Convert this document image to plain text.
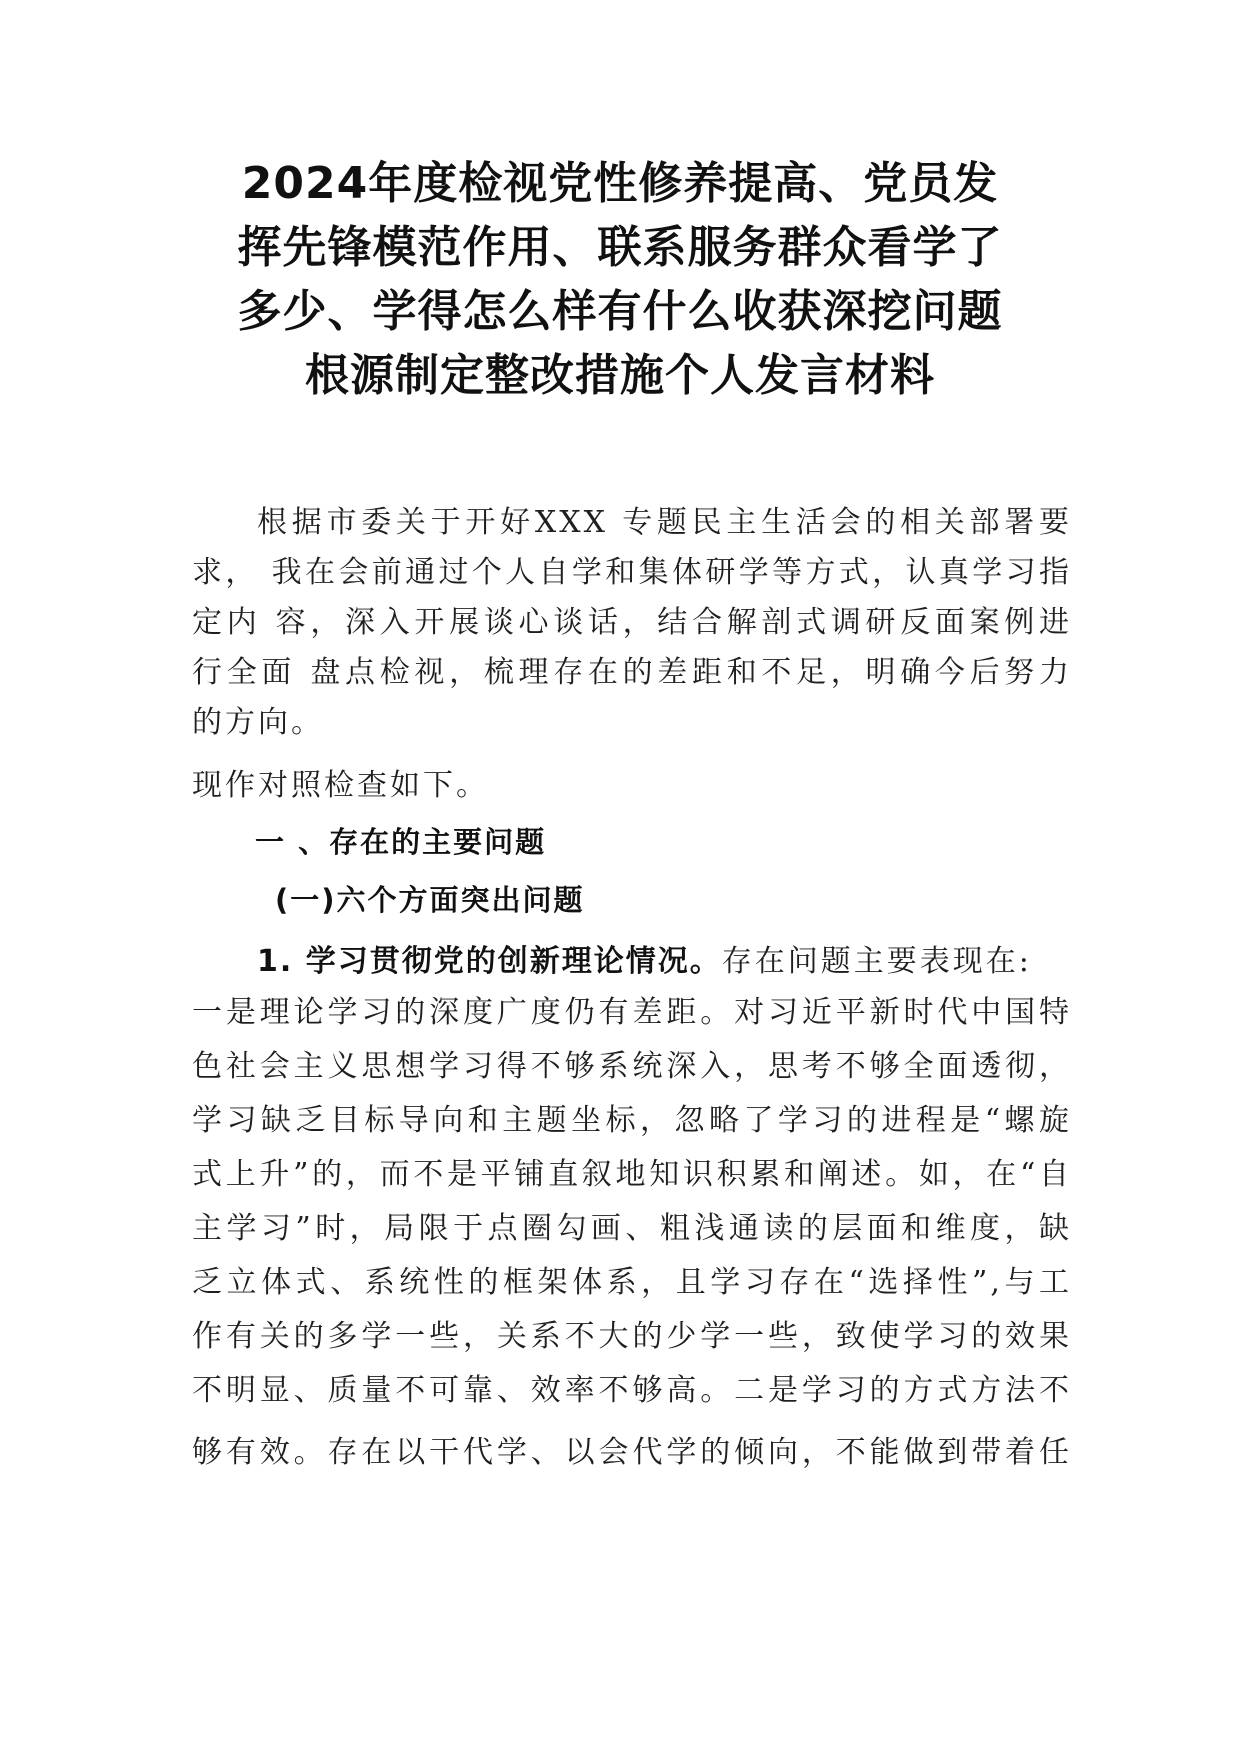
2024年度检视党性修养提高、党员发
挥先锋模范作用、联系服务群众看学了
多少、学得怎么样有什么收获深挖问题
根源制定整改措施个人发言材料
根据市委关于开好XXX 专题民主生活会的相关部署要
求， 我在会前通过个人自学和集体研学等方式，认真学习指
定内 容，深入开展谈心谈话，结合解剖式调研反面案例进
行全面 盘点检视，梳理存在的差距和不足，明确今后努力
的方向。
现作对照检查如下。
一 、存在的主要问题
(一)六个方面突出问题
1. 学习贯彻党的创新理论情况。存在问题主要表现在:
一是理论学习的深度广度仍有差距。对习近平新时代中国特
色社会主义思想学习得不够系统深入，思考不够全面透彻，
学习缺乏目标导向和主题坐标，忽略了学习的进程是“螺旋
式上升”的，而不是平铺直叙地知识积累和阐述。如，在“自
主学习”时，局限于点圈勾画、粗浅通读的层面和维度，缺
乏立体式、系统性的框架体系，且学习存在“选择性”,与工
作有关的多学一些，关系不大的少学一些，致使学习的效果
不明显、质量不可靠、效率不够高。二是学习的方式方法不
够有效。存在以干代学、以会代学的倾向，不能做到带着任
